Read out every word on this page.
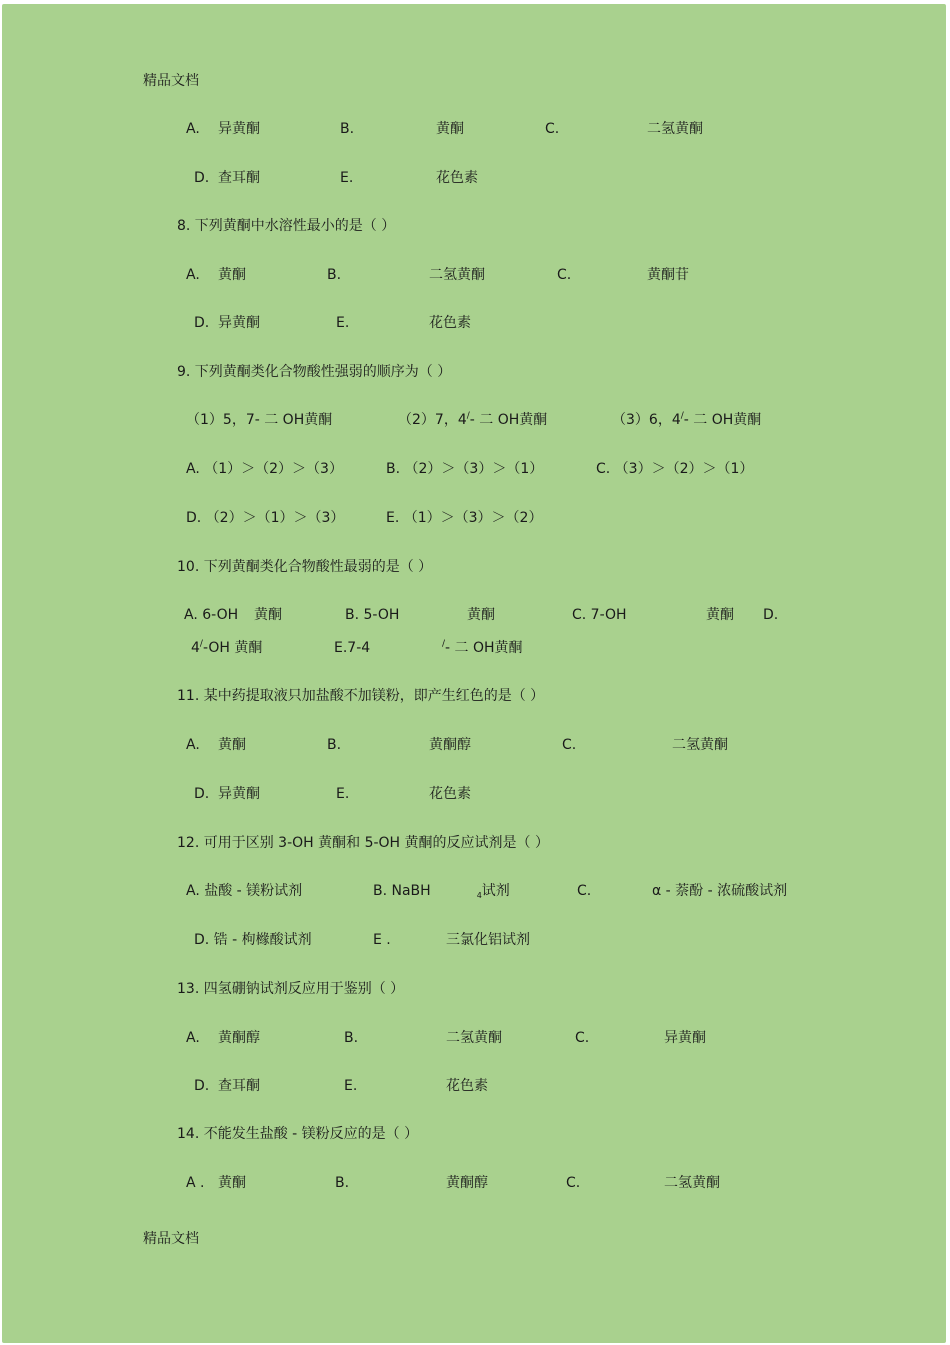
精品文档
A. 异黄酮	B.	黄酮	C.	二氢黄酮
D. 查耳酮	E.	花色素
8. 下列黄酮中水溶性最小的是（ ）
A. 黄酮	B.	二氢黄酮	C.	黄酮苷
D. 异黄酮	E.	花色素
9. 下列黄酮类化合物酸性强弱的顺序为（ ）
（1）5，7- 二 OH黄酮	（2）7，4/- 二 OH黄酮	（3）6，4/- 二 OH黄酮
A. （1）＞（2）＞（3）	B. （2）＞（3）＞（1）	C. （3）＞（2）＞（1）
D. （2）＞（1）＞（3）	E. （1）＞（3）＞（2）
10. 下列黄酮类化合物酸性最弱的是（ ）
A. 6-OH 黄酮	B. 5-OH	黄酮	C. 7-OH	黄酮 D.
4/-OH 黄酮	E.7-4	/- 二 OH黄酮
11. 某中药提取液只加盐酸不加镁粉，即产生红色的是（ ）
A. 黄酮	B.	黄酮醇	C.	二氢黄酮
D. 异黄酮	E.	花色素
12. 可用于区别 3-OH 黄酮和 5-OH 黄酮的反应试剂是（ ）
A. 盐酸 - 镁粉试剂	B. NaBH	$_4$试剂	C.	α - 萘酚 - 浓硫酸试剂
D. 锆 - 枸橼酸试剂	E .	三氯化铝试剂
13. 四氢硼钠试剂反应用于鉴别（ ）
A. 黄酮醇	B.	二氢黄酮	C.	异黄酮
D. 查耳酮	E.	花色素
14. 不能发生盐酸 - 镁粉反应的是（ ）
A . 黄酮	B.	黄酮醇	C.	二氢黄酮
精品文档
